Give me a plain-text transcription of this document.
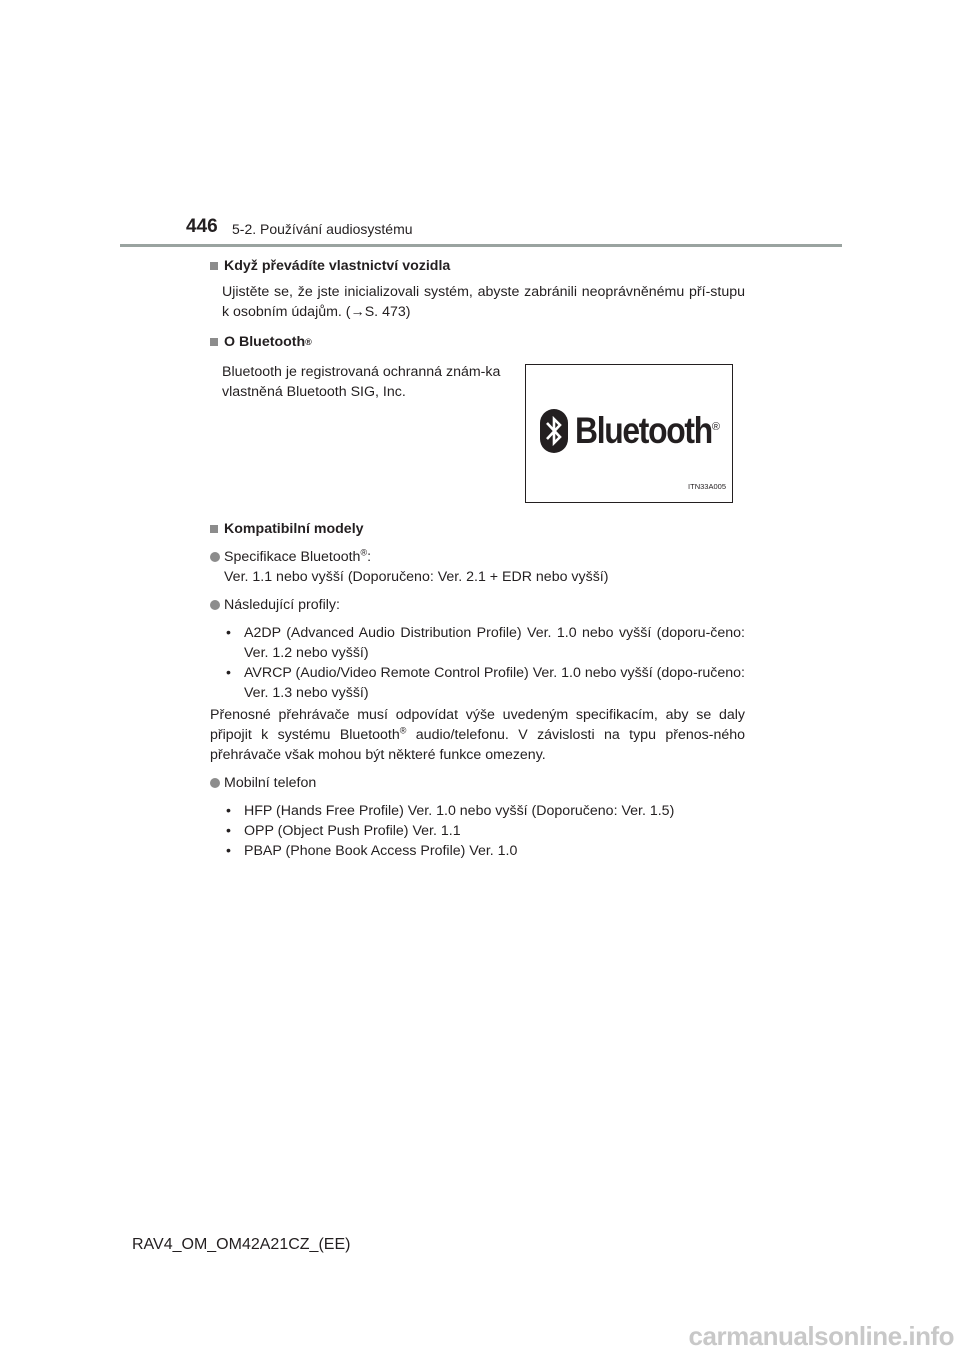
446 5-2. Používání audiosystému
Když převádíte vlastnictví vozidla
Ujistěte se, že jste inicializovali systém, abyste zabránili neoprávněnému pří-stupu k osobním údajům. (→S. 473)
O Bluetooth ®
Bluetooth je registrovaná ochranná znám-ka vlastněná Bluetooth SIG, Inc.
Bluetooth ®
ITN33A005
Kompatibilní modely
Specifikace Bluetooth®:
Ver. 1.1 nebo vyšší (Doporučeno: Ver. 2.1 + EDR nebo vyšší)
Následující profily:
• A2DP (Advanced Audio Distribution Profile) Ver. 1.0 nebo vyšší (doporu-čeno: Ver. 1.2 nebo vyšší)
• AVRCP (Audio/Video Remote Control Profile) Ver. 1.0 nebo vyšší (dopo-ručeno: Ver. 1.3 nebo vyšší)
Přenosné přehrávače musí odpovídat výše uvedeným specifikacím, aby se daly připojit k systému Bluetooth® audio/telefonu. V závislosti na typu přenos-ného přehrávače však mohou být některé funkce omezeny.
Mobilní telefon
• HFP (Hands Free Profile) Ver. 1.0 nebo vyšší (Doporučeno: Ver. 1.5)
• OPP (Object Push Profile) Ver. 1.1
• PBAP (Phone Book Access Profile) Ver. 1.0
RAV4_OM_OM42A21CZ_(EE)
carmanualsonline.info
